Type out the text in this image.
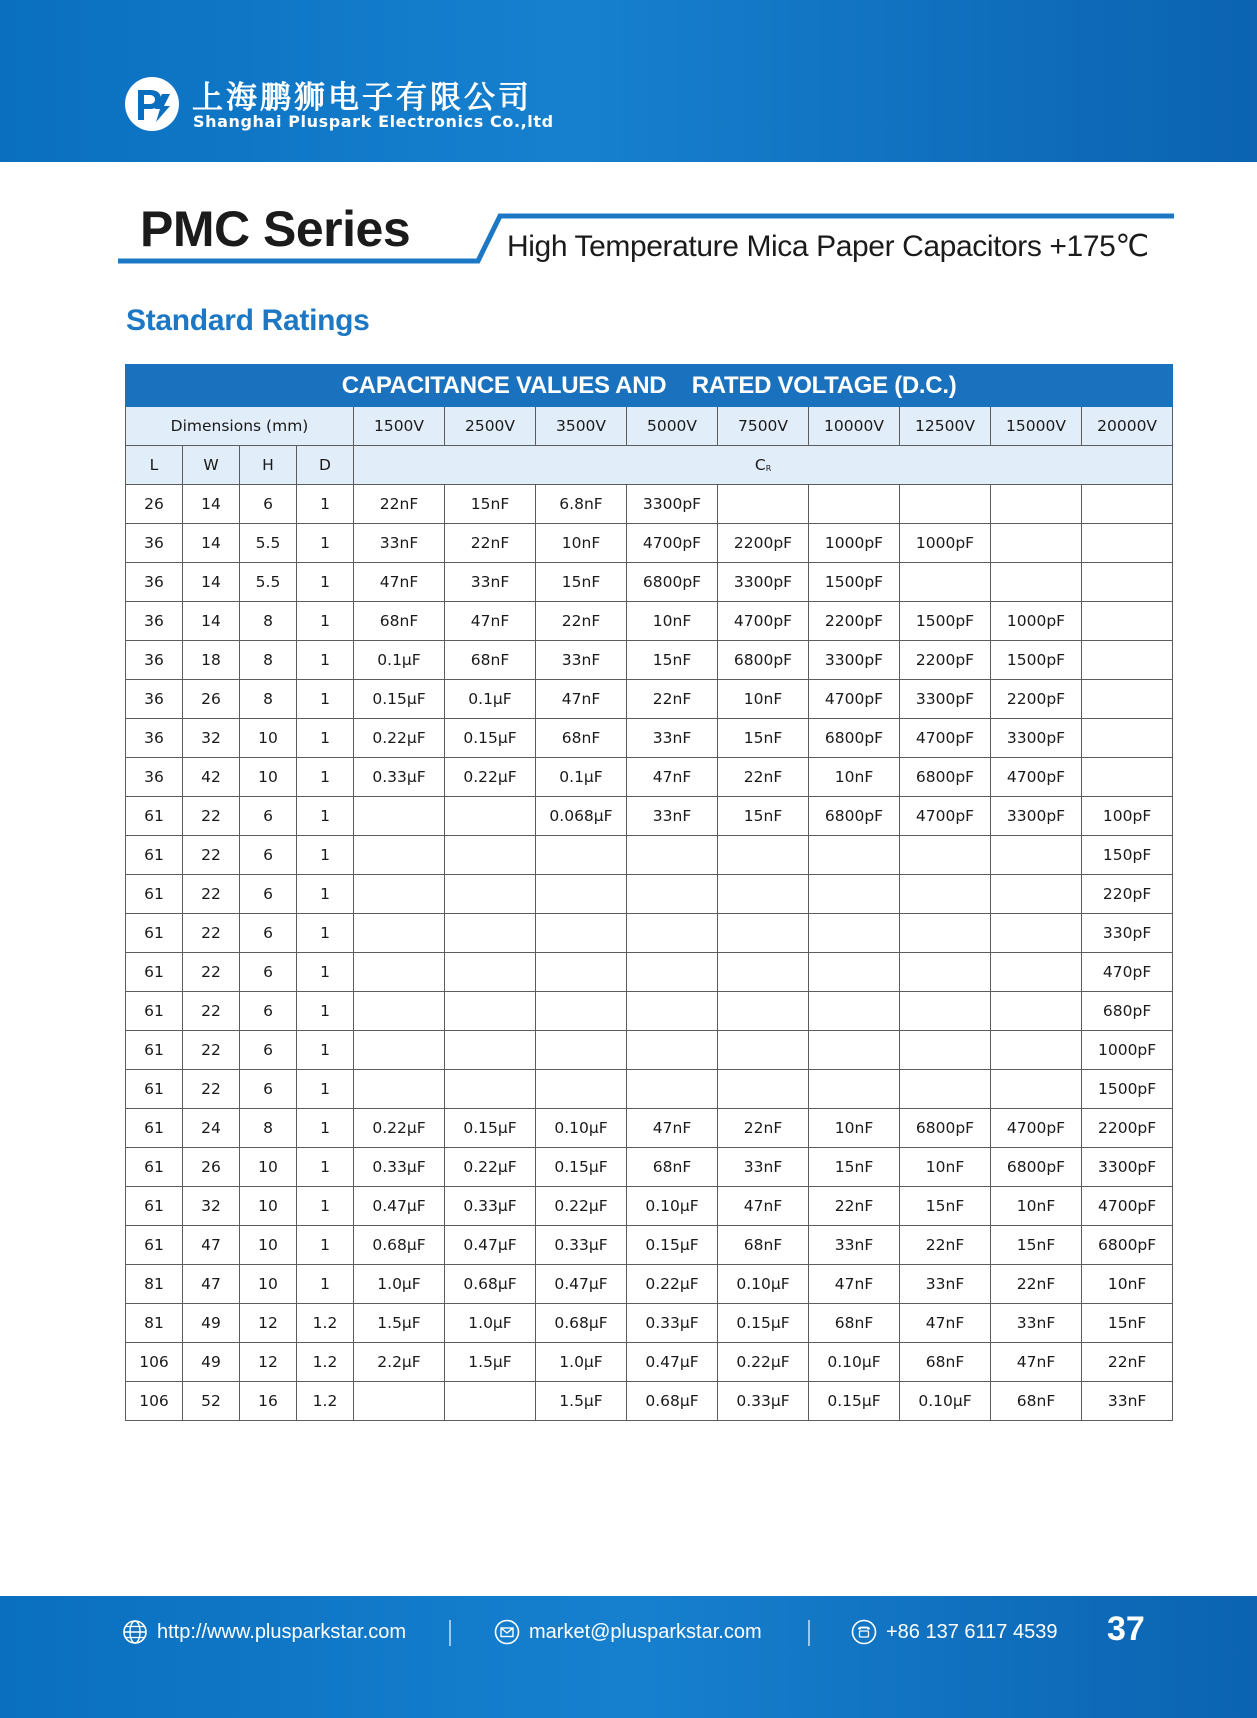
上海鹏狮电子有限公司
Shanghai Pluspark Electronics Co.,ltd
PMC Series	High Temperature Mica Paper Capacitors +175℃
Standard Ratings
CAPACITANCE VALUES AND    RATED VOLTAGE (D.C.)												
Dimensions (mm)				1500V	2500V	3500V	5000V	7500V	10000V	12500V	15000V	20000V
L	W	H	D	CR								
26	14	6	1	22nF	15nF	6.8nF	3300pF					
36	14	5.5	1	33nF	22nF	10nF	4700pF	2200pF	1000pF	1000pF		
36	14	5.5	1	47nF	33nF	15nF	6800pF	3300pF	1500pF			
36	14	8	1	68nF	47nF	22nF	10nF	4700pF	2200pF	1500pF	1000pF	
36	18	8	1	0.1μF	68nF	33nF	15nF	6800pF	3300pF	2200pF	1500pF	
36	26	8	1	0.15μF	0.1μF	47nF	22nF	10nF	4700pF	3300pF	2200pF	
36	32	10	1	0.22μF	0.15μF	68nF	33nF	15nF	6800pF	4700pF	3300pF	
36	42	10	1	0.33μF	0.22μF	0.1μF	47nF	22nF	10nF	6800pF	4700pF	
61	22	6	1			0.068μF	33nF	15nF	6800pF	4700pF	3300pF	100pF
61	22	6	1									150pF
61	22	6	1									220pF
61	22	6	1									330pF
61	22	6	1									470pF
61	22	6	1									680pF
61	22	6	1									1000pF
61	22	6	1									1500pF
61	24	8	1	0.22μF	0.15μF	0.10μF	47nF	22nF	10nF	6800pF	4700pF	2200pF
61	26	10	1	0.33μF	0.22μF	0.15μF	68nF	33nF	15nF	10nF	6800pF	3300pF
61	32	10	1	0.47μF	0.33μF	0.22μF	0.10μF	47nF	22nF	15nF	10nF	4700pF
61	47	10	1	0.68μF	0.47μF	0.33μF	0.15μF	68nF	33nF	22nF	15nF	6800pF
81	47	10	1	1.0μF	0.68μF	0.47μF	0.22μF	0.10μF	47nF	33nF	22nF	10nF
81	49	12	1.2	1.5μF	1.0μF	0.68μF	0.33μF	0.15μF	68nF	47nF	33nF	15nF
106	49	12	1.2	2.2μF	1.5μF	1.0μF	0.47μF	0.22μF	0.10μF	68nF	47nF	22nF
106	52	16	1.2			1.5μF	0.68μF	0.33μF	0.15μF	0.10μF	68nF	33nF
http://www.plusparkstar.com	market@plusparkstar.com	+86 137 6117 4539 37
